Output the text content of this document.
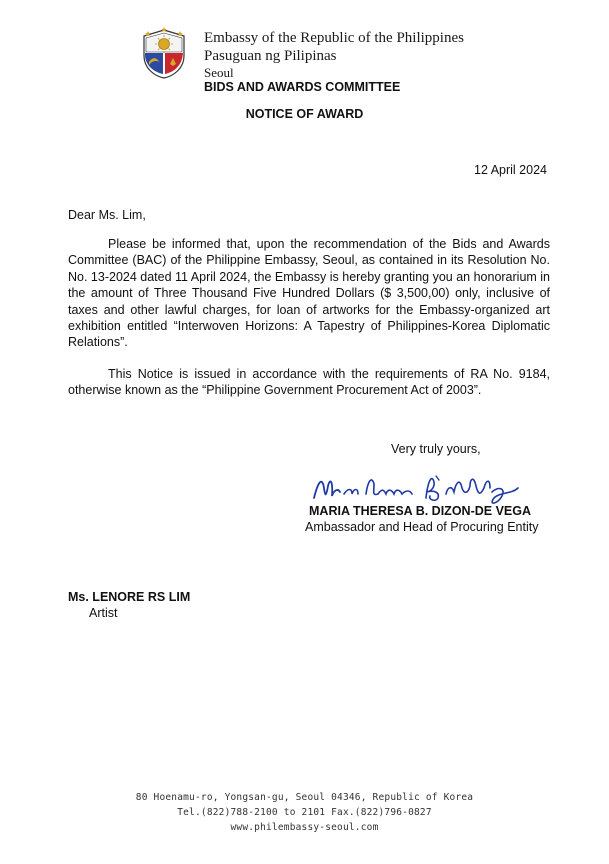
Embassy of the Republic of the Philippines
Pasuguan ng Pilipinas
Seoul
BIDS AND AWARDS COMMITTEE
NOTICE OF AWARD
12 April 2024
Dear Ms. Lim,

Please be informed that, upon the recommendation of the Bids and Awards Committee (BAC) of the Philippine Embassy, Seoul, as contained in its Resolution No. No. 13-2024 dated 11 April 2024, the Embassy is hereby granting you an honorarium in the amount of Three Thousand Five Hundred Dollars ($ 3,500,00) only, inclusive of taxes and other lawful charges, for loan of artworks for the Embassy-organized art exhibition entitled “Interwoven Horizons: A Tapestry of Philippines-Korea Diplomatic Relations”.

This Notice is issued in accordance with the requirements of RA No. 9184, otherwise known as the “Philippine Government Procurement Act of 2003”.

Very truly yours,
MARIA THERESA B. DIZON-DE VEGA
Ambassador and Head of Procuring Entity
Ms. LENORE RS LIM
Artist
80 Hoenamu-ro, Yongsan-gu, Seoul 04346, Republic of Korea
Tel.(822)788-2100 to 2101 Fax.(822)796-0827
www.philembassy-seoul.com
